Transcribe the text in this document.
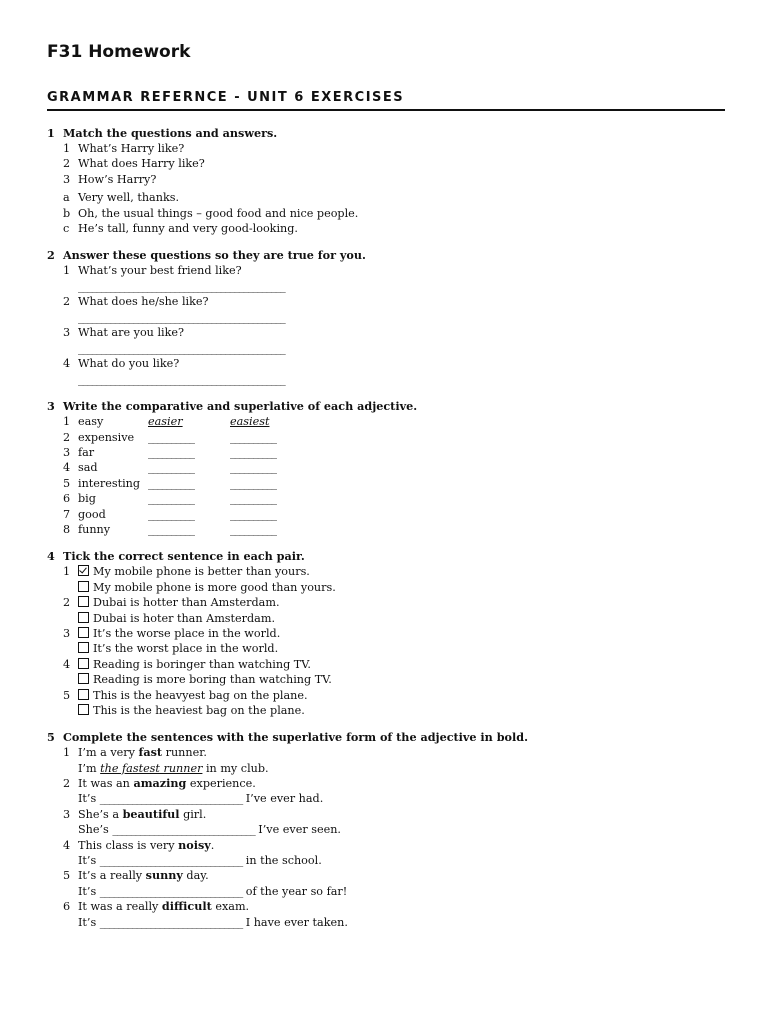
F31 Homework
GRAMMAR REFERNCE - UNIT 6 EXERCISES
1 Match the questions and answers.
1 What’s Harry like?
2 What does Harry like?
3 How’s Harry?
a Very well, thanks.
b Oh, the usual things – good food and nice people.
c He’s tall, funny and very good-looking.
2 Answer these questions so they are true for you.
1 What’s your best friend like?
_____________________________________________
2 What does he/she like?
_____________________________________________
3 What are you like?
_____________________________________________
4 What do you like?
_____________________________________________
3 Write the comparative and superlative of each adjective.
1 easy	easier	easiest
2 expensive	__________	__________
3 far	__________	__________
4 sad	__________	__________
5 interesting __________	__________
6 big	__________	__________
7 good	__________	__________
8 funny	__________	__________
4 Tick the correct sentence in each pair.
1 My mobile phone is better than yours.
My mobile phone is more good than yours.
2 Dubai is hotter than Amsterdam.
Dubai is hoter than Amsterdam.
3 It’s the worse place in the world.
It’s the worst place in the world.
4 Reading is boringer than watching TV.
Reading is more boring than watching TV.
5 This is the heavyest bag on the plane.
This is the heaviest bag on the plane.
5 Complete the sentences with the superlative form of the adjective in bold.
1 I’m a very fast runner.
I’m the fastest runner in my club.
2 It was an amazing experience.
It’s _______________________________ I’ve ever had.
3 She’s a beautiful girl.
She’s _______________________________ I’ve ever seen.
4 This class is very noisy.
It’s _______________________________ in the school.
5 It’s a really sunny day.
It’s _______________________________ of the year so far!
6 It was a really difficult exam.
It’s _______________________________ I have ever taken.
